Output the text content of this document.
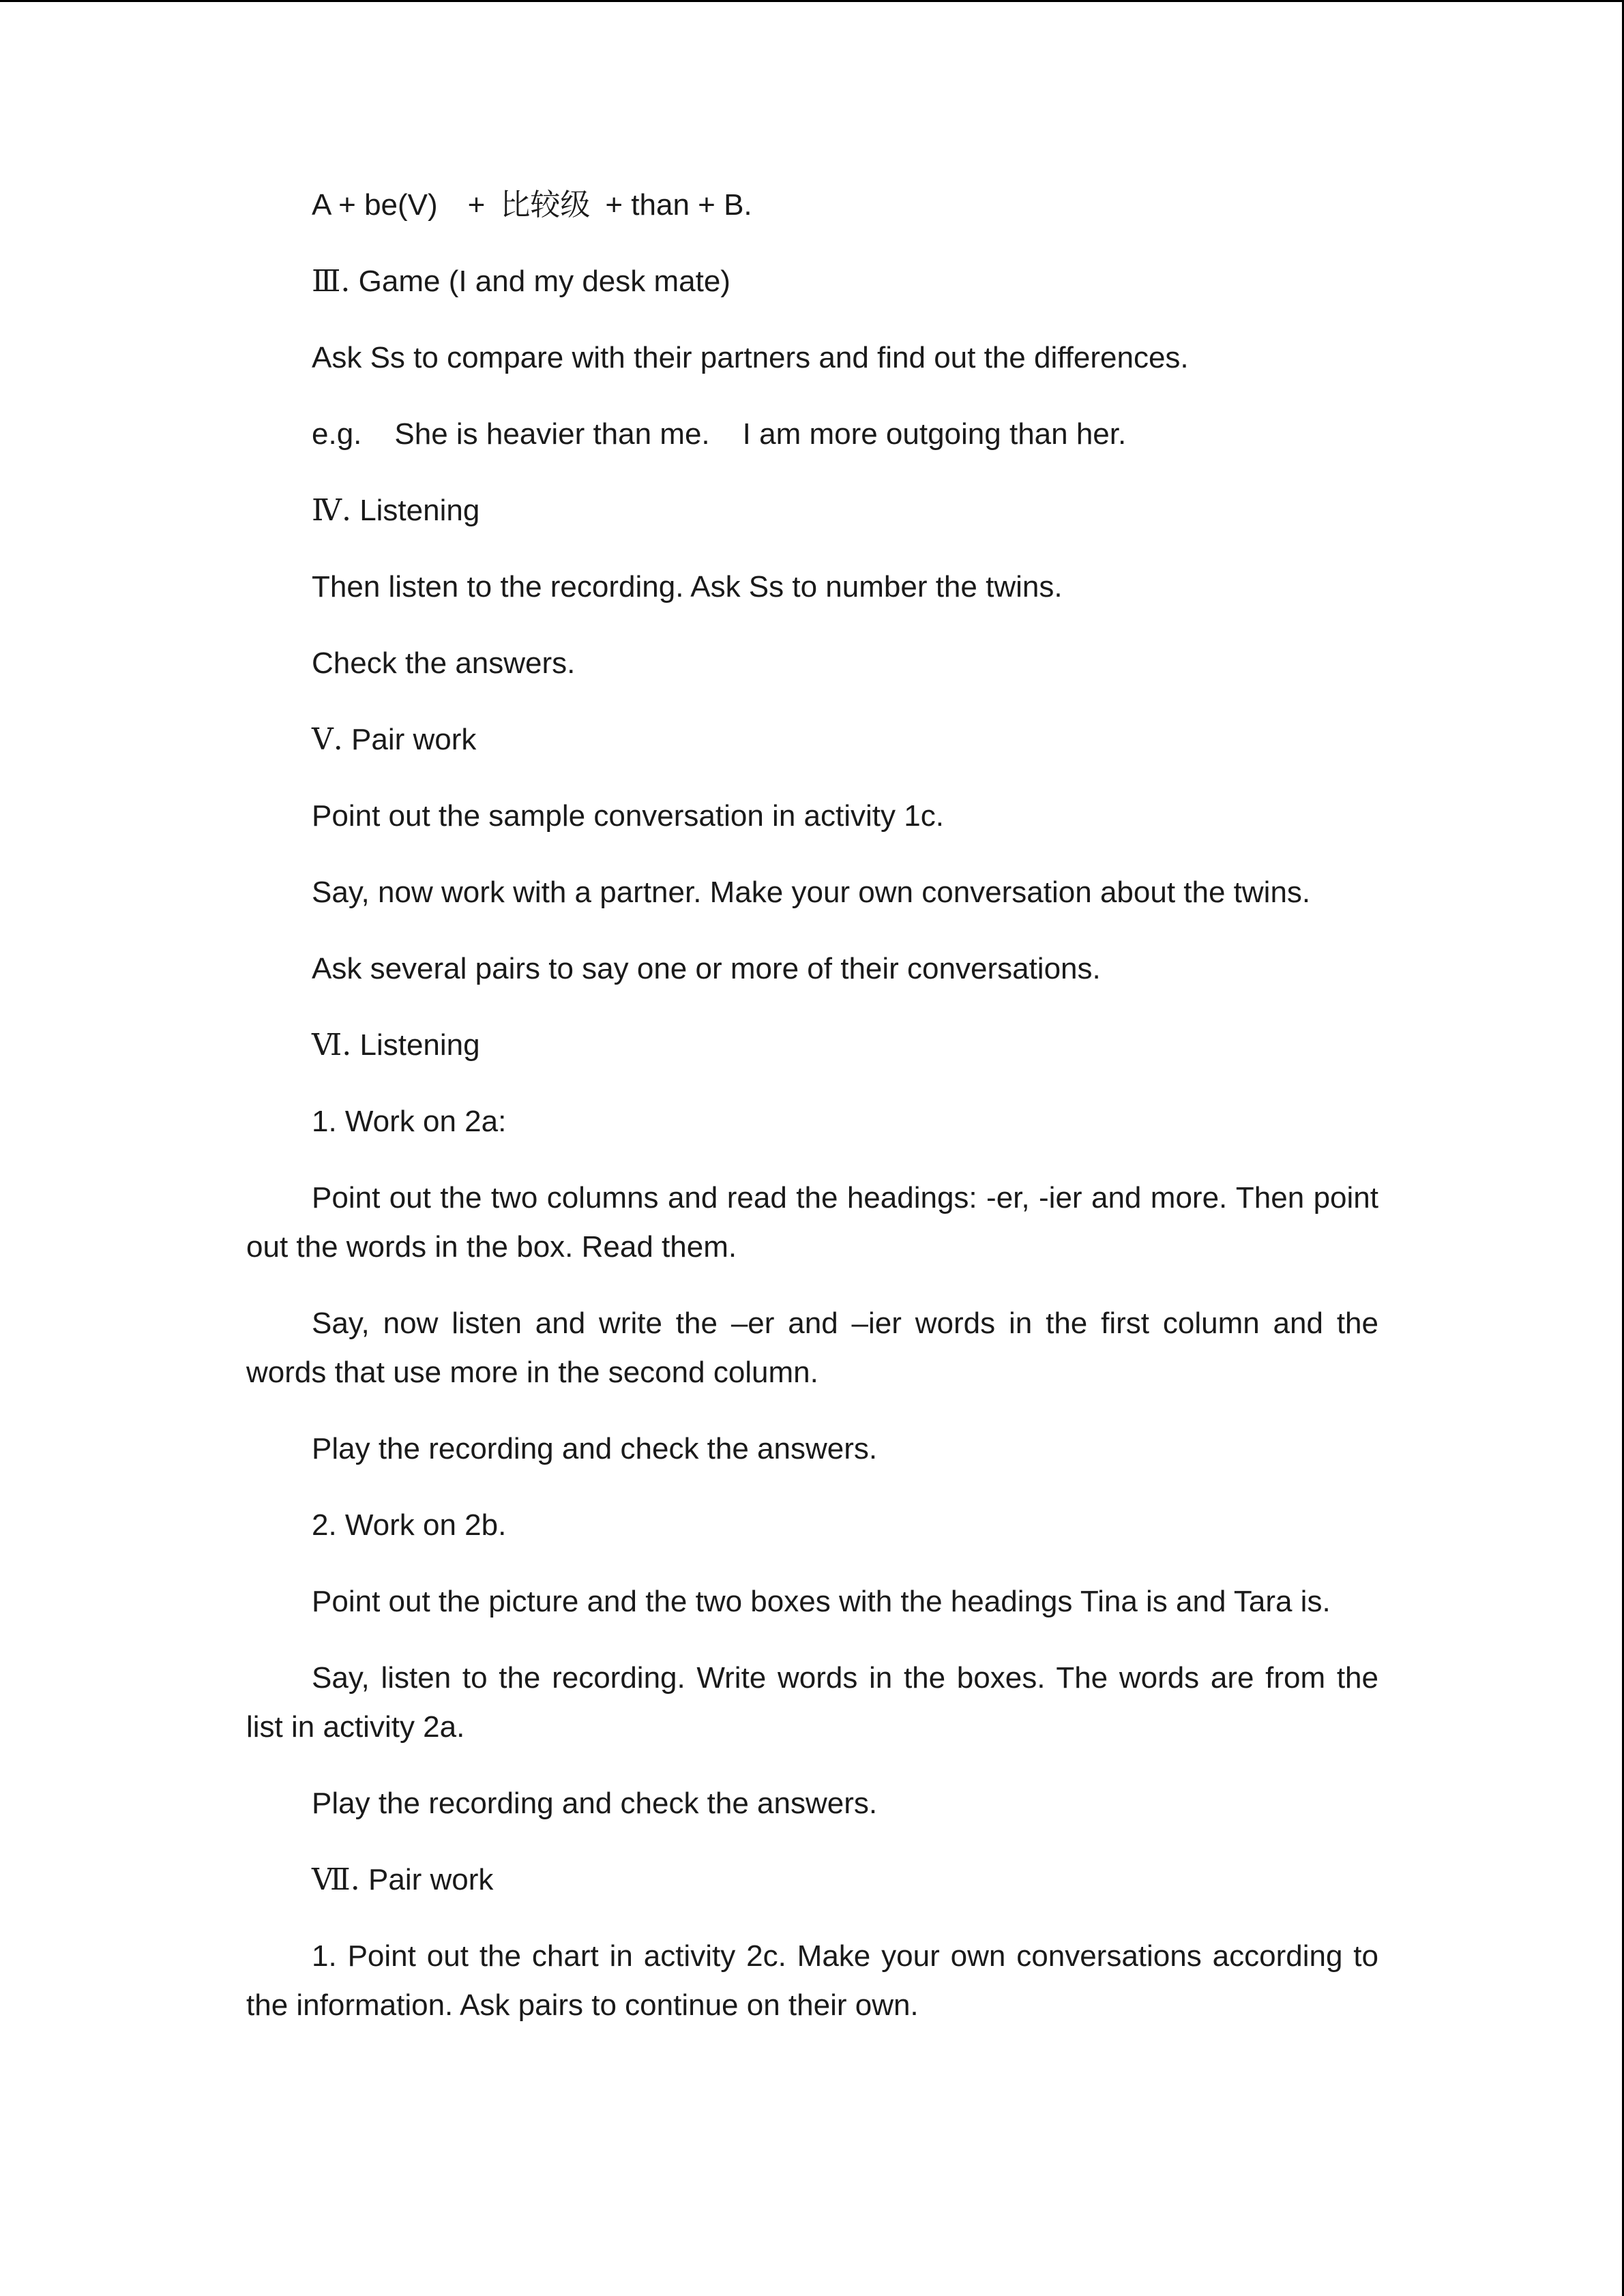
A + be(V) + 比较级 + than + B.

Ⅲ. Game (I and my desk mate)

Ask Ss to compare with their partners and find out the differences.

e.g. She is heavier than me. I am more outgoing than her.

Ⅳ. Listening

Then listen to the recording. Ask Ss to number the twins.

Check the answers.

Ⅴ. Pair work

Point out the sample conversation in activity 1c.

Say, now work with a partner. Make your own conversation about the twins.

Ask several pairs to say one or more of their conversations.

Ⅵ. Listening

1. Work on 2a:

Point out the two columns and read the headings: -er, -ier and more. Then point out the words in the box. Read them.

Say, now listen and write the –er and –ier words in the first column and the words that use more in the second column.

Play the recording and check the answers.

2. Work on 2b.

Point out the picture and the two boxes with the headings Tina is and Tara is.

Say, listen to the recording. Write words in the boxes. The words are from the list in activity 2a.

Play the recording and check the answers.

Ⅶ. Pair work

1. Point out the chart in activity 2c. Make your own conversations according to the information. Ask pairs to continue on their own.
